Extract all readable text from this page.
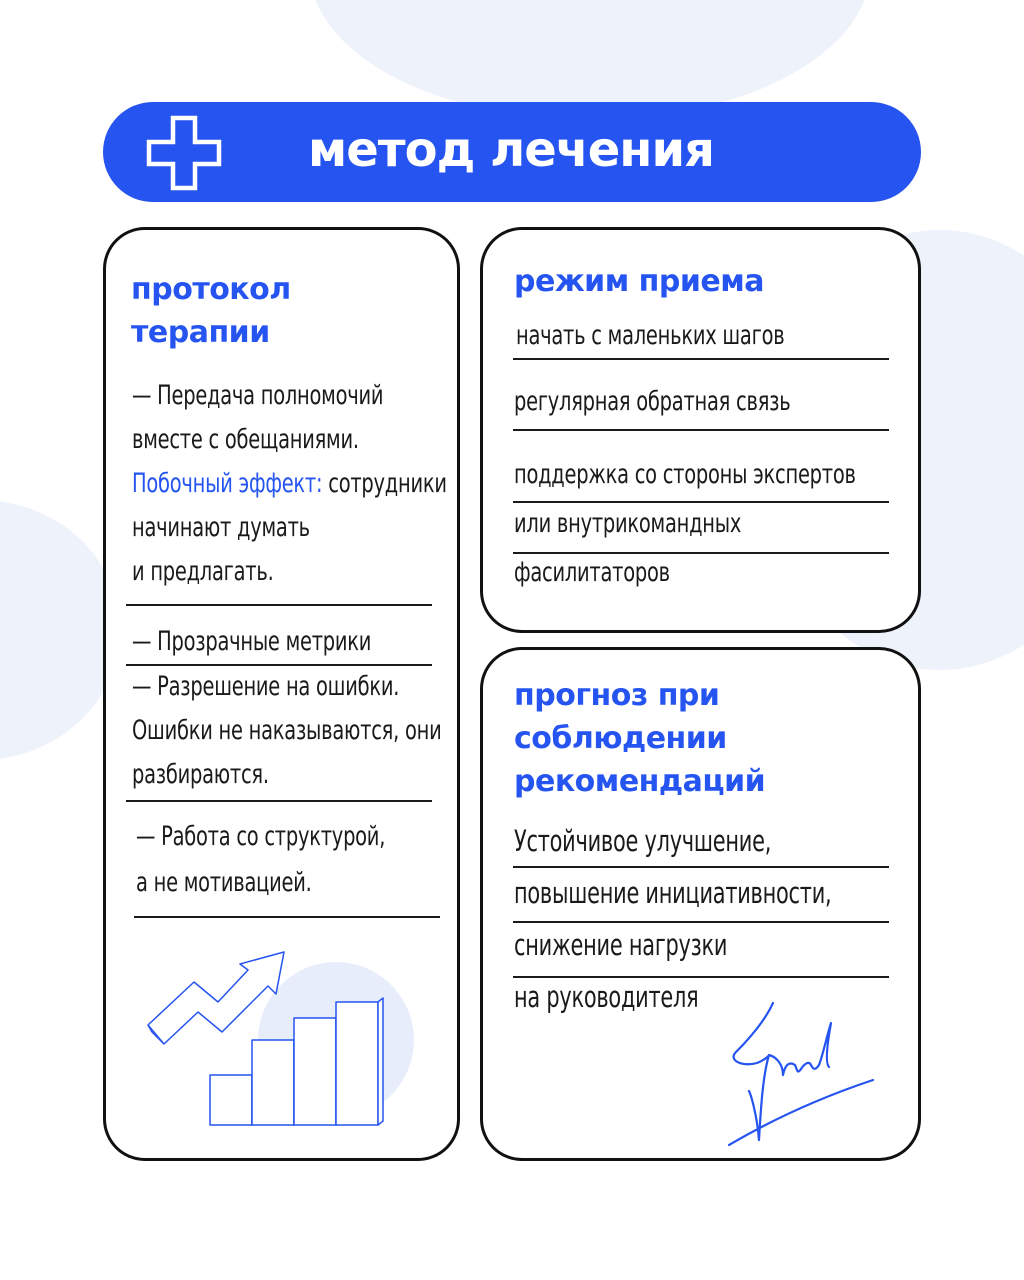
метод лечения
протокол
терапии
— Передача полномочий
вместе с обещаниями.
Побочный эффект: сотрудники
начинают думать
и предлагать.
— Прозрачные метрики
— Разрешение на ошибки.
Ошибки не наказываются, они
разбираются.
— Работа со структурой,
а не мотивацией.
режим приема
начать с маленьких шагов
регулярная обратная связь
поддержка со стороны экспертов
или внутрикомандных
фасилитаторов
прогноз при
соблюдении
рекомендаций
Устойчивое улучшение,
повышение инициативности,
снижение нагрузки
на руководителя
